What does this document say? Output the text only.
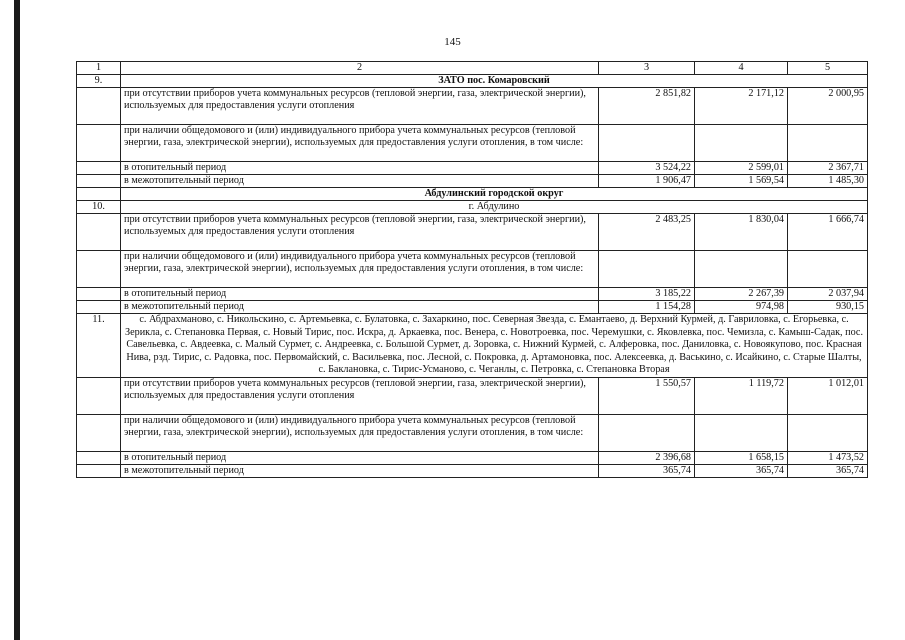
145
1	2	3	4	5
9.	ЗАТО пос. Комаровский			
	при отсутствии приборов учета коммунальных ресурсов (тепловой энергии, газа, электрической энергии), используемых для предоставления услуги отопления	2 851,82	2 171,12	2 000,95
	при наличии общедомового и (или) индивидуального прибора учета коммунальных ресурсов (тепловой энергии, газа, электрической энергии), используемых для предоставления услуги отопления, в том числе:			
	в отопительный период	3 524,22	2 599,01	2 367,71
	в межотопительный период	1 906,47	1 569,54	1 485,30
	Абдулинский городской округ			
10.	г. Абдулино			
	при отсутствии приборов учета коммунальных ресурсов (тепловой энергии, газа, электрической энергии), используемых для предоставления услуги отопления	2 483,25	1 830,04	1 666,74
	при наличии общедомового и (или) индивидуального прибора учета коммунальных ресурсов (тепловой энергии, газа, электрической энергии), используемых для предоставления услуги отопления, в том числе:			
	в отопительный период	3 185,22	2 267,39	2 037,94
	в межотопительный период	1 154,28	974,98	930,15
11.	с. Абдрахманово, с. Никольскино, с. Артемьевка, с. Булатовка, с. Захаркино, пос. Северная Звезда, с. Емантаево, д. Верхний Курмей, д. Гавриловка, с. Егорьевка, с. Зерикла, с. Степановка Первая, с. Новый Тирис, пос. Искра, д. Аркаевка, пос. Венера, с. Новотроевка, пос. Черемушки, с. Яковлевка, пос. Чемизла, с. Камыш-Садак, пос. Савельевка, с. Авдеевка, с. Малый Сурмет, с. Андреевка, с. Большой Сурмет, д. Зоровка, с. Нижний Курмей, с. Алферовка, пос. Даниловка, с. Новоякупово, пос. Красная Нива, рзд. Тирис, с. Радовка, пос. Первомайский, с. Васильевка, пос. Лесной, с. Покровка, д. Артамоновка, пос. Алексеевка, д. Васькино, с. Исайкино, с. Старые Шалты, с. Баклановка, с. Тирис-Усманово, с. Чеганлы, с. Петровка, с. Степановка Вторая			
	при отсутствии приборов учета коммунальных ресурсов (тепловой энергии, газа, электрической энергии), используемых для предоставления услуги отопления	1 550,57	1 119,72	1 012,01
	при наличии общедомового и (или) индивидуального прибора учета коммунальных ресурсов (тепловой энергии, газа, электрической энергии), используемых для предоставления услуги отопления, в том числе:			
	в отопительный период	2 396,68	1 658,15	1 473,52
	в межотопительный период	365,74	365,74	365,74
